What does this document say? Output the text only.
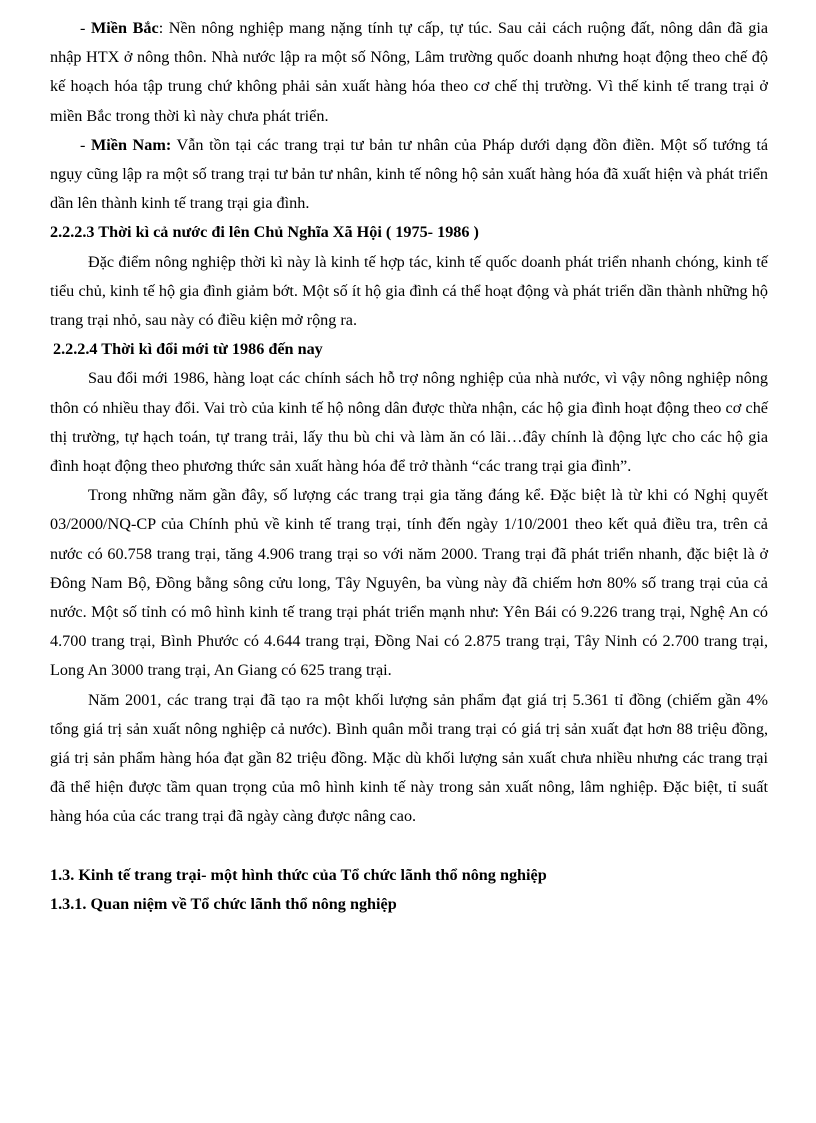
- Miền Bắc: Nền nông nghiệp mang nặng tính tự cấp, tự túc. Sau cải cách ruộng đất, nông dân đã gia nhập HTX ở nông thôn. Nhà nước lập ra một số Nông, Lâm trường quốc doanh nhưng hoạt động theo chế độ kế hoạch hóa tập trung chứ không phải sản xuất hàng hóa theo cơ chế thị trường. Vì thế kinh tế trang trại ở miền Bắc trong thời kì này chưa phát triển.

- Miền Nam: Vẫn tồn tại các trang trại tư bản tư nhân của Pháp dưới dạng đồn điền. Một số tướng tá ngụy cũng lập ra một số trang trại tư bản tư nhân, kinh tế nông hộ sản xuất hàng hóa đã xuất hiện và phát triển dần lên thành kinh tế trang trại gia đình.

2.2.2.3 Thời kì cả nước đi lên Chủ Nghĩa Xã Hội ( 1975- 1986 )

Đặc điểm nông nghiệp thời kì này là kinh tế hợp tác, kinh tế quốc doanh phát triển nhanh chóng, kinh tế tiểu chủ, kinh tế hộ gia đình giảm bớt. Một số ít hộ gia đình cá thể hoạt động và phát triển dần thành những hộ trang trại nhỏ, sau này có điều kiện mở rộng ra.

2.2.2.4 Thời kì đổi mới từ 1986 đến nay

Sau đổi mới 1986, hàng loạt các chính sách hỗ trợ nông nghiệp của nhà nước, vì vậy nông nghiệp nông thôn có nhiều thay đổi. Vai trò của kinh tế hộ nông dân được thừa nhận, các hộ gia đình hoạt động theo cơ chế thị trường, tự hạch toán, tự trang trải, lấy thu bù chi và làm ăn có lãi…đây chính là động lực cho các hộ gia đình hoạt động theo phương thức sản xuất hàng hóa để trở thành “các trang trại gia đình”.

Trong những năm gần đây, số lượng các trang trại gia tăng đáng kể. Đặc biệt là từ khi có Nghị quyết 03/2000/NQ-CP của Chính phủ về kinh tế trang trại, tính đến ngày 1/10/2001 theo kết quả điều tra, trên cả nước có 60.758 trang trại, tăng 4.906 trang trại so với năm 2000. Trang trại đã phát triển nhanh, đặc biệt là ở Đông Nam Bộ, Đồng bằng sông cửu long, Tây Nguyên, ba vùng này đã chiếm hơn 80% số trang trại của cả nước. Một số tỉnh có mô hình kinh tế trang trại phát triển mạnh như: Yên Bái có 9.226 trang trại, Nghệ An có 4.700 trang trại, Bình Phước có 4.644 trang trại, Đồng Nai có 2.875 trang trại, Tây Ninh có 2.700 trang trại, Long An 3000 trang trại, An Giang có 625 trang trại.

Năm 2001, các trang trại đã tạo ra một khối lượng sản phẩm đạt giá trị 5.361 tỉ đồng (chiếm gần 4% tổng giá trị sản xuất nông nghiệp cả nước). Bình quân mỗi trang trại có giá trị sản xuất đạt hơn 88 triệu đồng, giá trị sản phẩm hàng hóa đạt gần 82 triệu đồng. Mặc dù khối lượng sản xuất chưa nhiều nhưng các trang trại đã thể hiện được tầm quan trọng của mô hình kinh tế này trong sản xuất nông, lâm nghiệp. Đặc biệt, tỉ suất hàng hóa của các trang trại đã ngày càng được nâng cao.

1.3. Kinh tế trang trại- một hình thức của Tổ chức lãnh thổ nông nghiệp

1.3.1. Quan niệm về Tổ chức lãnh thổ nông nghiệp
